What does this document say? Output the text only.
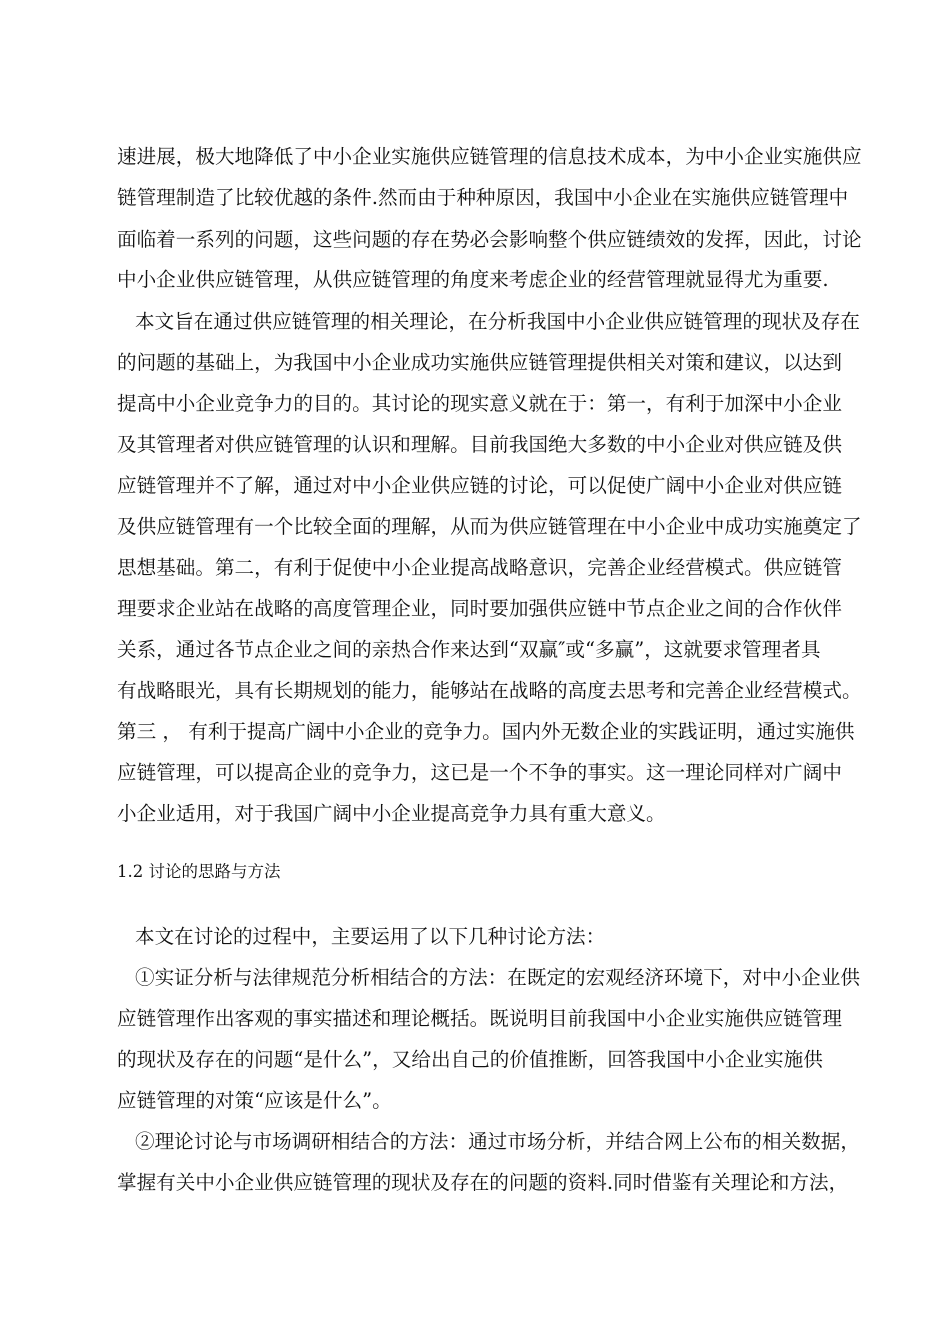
速进展，极大地降低了中小企业实施供应链管理的信息技术成本，为中小企业实施供应
链管理制造了比较优越的条件.然而由于种种原因，我国中小企业在实施供应链管理中
面临着一系列的问题，这些问题的存在势必会影响整个供应链绩效的发挥，因此，讨论
中小企业供应链管理，从供应链管理的角度来考虑企业的经营管理就显得尤为重要.
本文旨在通过供应链管理的相关理论，在分析我国中小企业供应链管理的现状及存在
的问题的基础上，为我国中小企业成功实施供应链管理提供相关对策和建议，以达到
提高中小企业竞争力的目的。其讨论的现实意义就在于：第一，有利于加深中小企业
及其管理者对供应链管理的认识和理解。目前我国绝大多数的中小企业对供应链及供
应链管理并不了解，通过对中小企业供应链的讨论，可以促使广阔中小企业对供应链
及供应链管理有一个比较全面的理解，从而为供应链管理在中小企业中成功实施奠定了
思想基础。第二，有利于促使中小企业提高战略意识，完善企业经营模式。供应链管
理要求企业站在战略的高度管理企业，同时要加强供应链中节点企业之间的合作伙伴
关系，通过各节点企业之间的亲热合作来达到“双赢″或“多赢”，这就要求管理者具
有战略眼光，具有长期规划的能力，能够站在战略的高度去思考和完善企业经营模式。
第三 ， 有利于提高广阔中小企业的竞争力。国内外无数企业的实践证明，通过实施供
应链管理，可以提高企业的竞争力，这已是一个不争的事实。这一理论同样对广阔中
小企业适用，对于我国广阔中小企业提高竞争力具有重大意义。
1.2 讨论的思路与方法
本文在讨论的过程中，主要运用了以下几种讨论方法：
①实证分析与法律规范分析相结合的方法：在既定的宏观经济环境下，对中小企业供
应链管理作出客观的事实描述和理论概括。既说明目前我国中小企业实施供应链管理
的现状及存在的问题“是什么”，又给出自己的价值推断，回答我国中小企业实施供
应链管理的对策“应该是什么”。
②理论讨论与市场调研相结合的方法：通过市场分析，并结合网上公布的相关数据，
掌握有关中小企业供应链管理的现状及存在的问题的资料.同时借鉴有关理论和方法，
